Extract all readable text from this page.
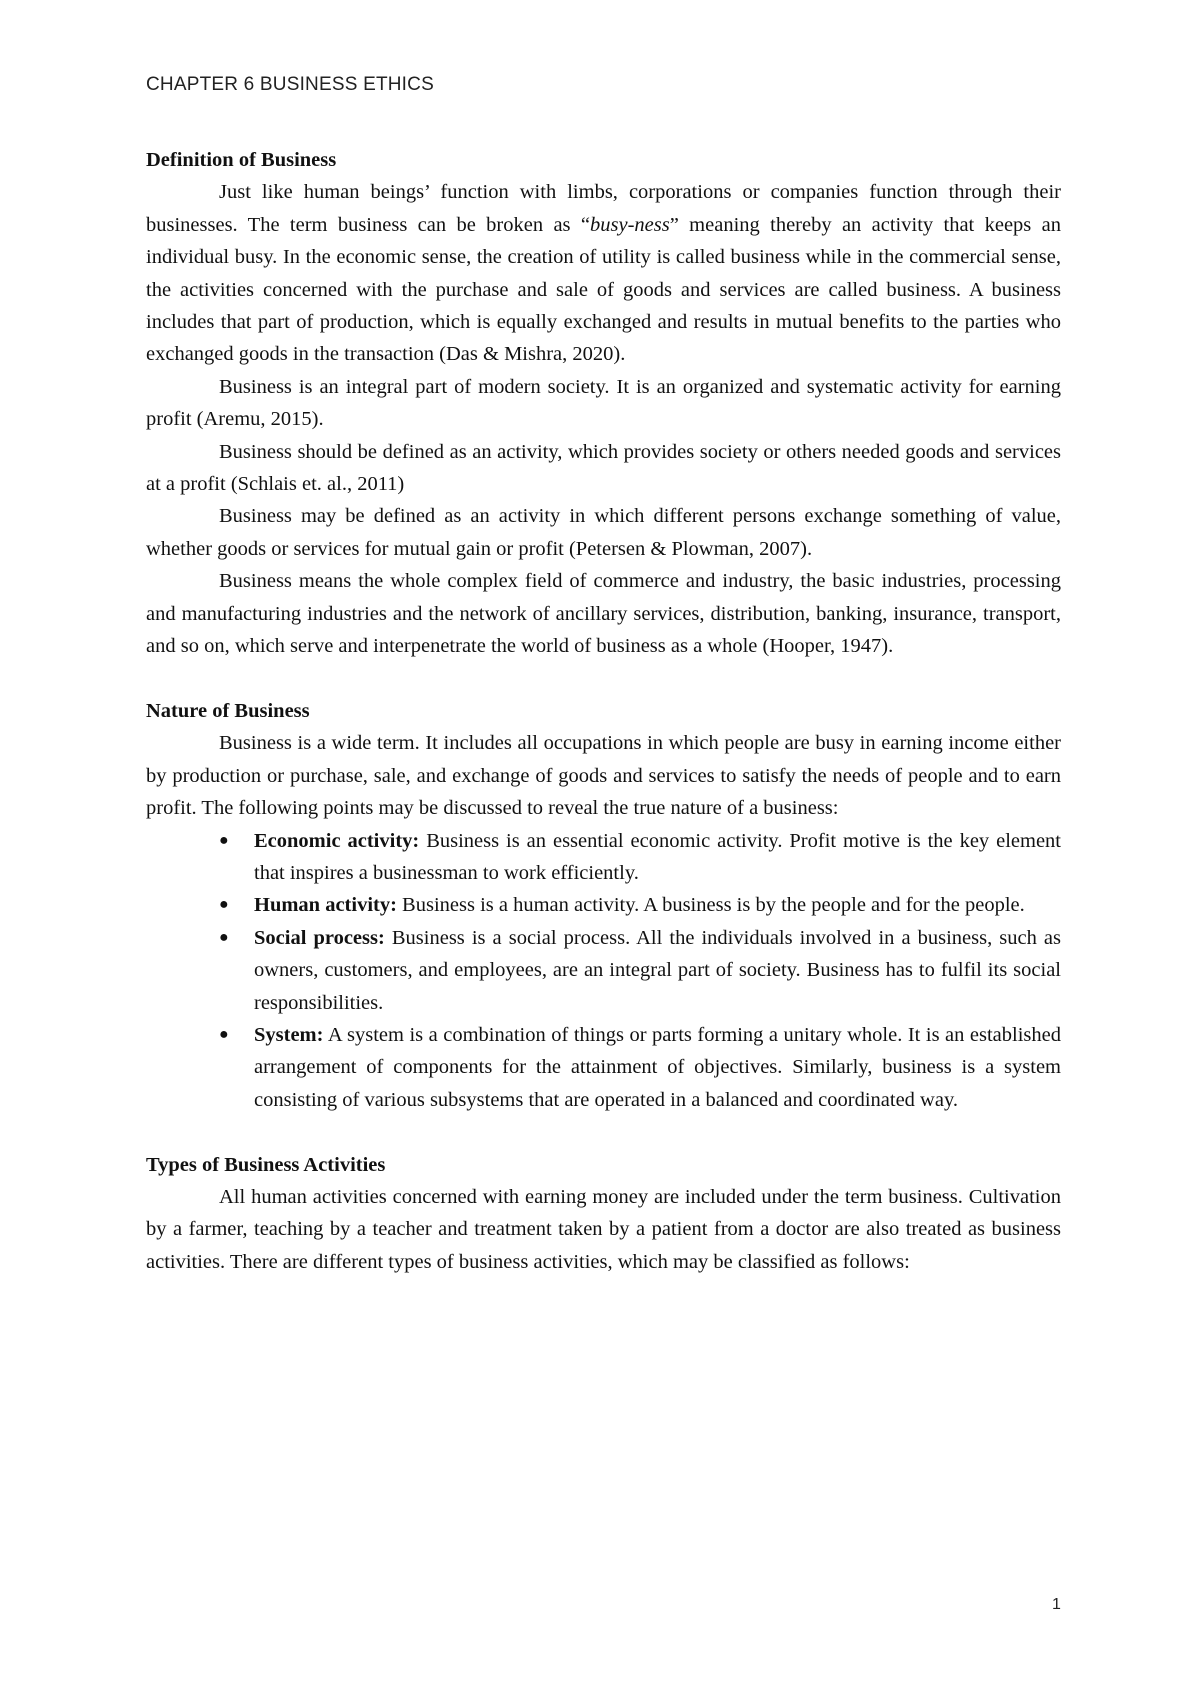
CHAPTER 6 BUSINESS ETHICS
Definition of Business

Just like human beings’ function with limbs, corporations or companies function through their businesses. The term business can be broken as “busy-ness” meaning thereby an activity that keeps an individual busy. In the economic sense, the creation of utility is called business while in the commercial sense, the activities concerned with the purchase and sale of goods and services are called business. A business includes that part of production, which is equally exchanged and results in mutual benefits to the parties who exchanged goods in the transaction (Das & Mishra, 2020).

Business is an integral part of modern society. It is an organized and systematic activity for earning profit (Aremu, 2015).

Business should be defined as an activity, which provides society or others needed goods and services at a profit (Schlais et. al., 2011)

Business may be defined as an activity in which different persons exchange something of value, whether goods or services for mutual gain or profit (Petersen & Plowman, 2007).

Business means the whole complex field of commerce and industry, the basic industries, processing and manufacturing industries and the network of ancillary services, distribution, banking, insurance, transport, and so on, which serve and interpenetrate the world of business as a whole (Hooper, 1947).

Nature of Business

Business is a wide term. It includes all occupations in which people are busy in earning income either by production or purchase, sale, and exchange of goods and services to satisfy the needs of people and to earn profit. The following points may be discussed to reveal the true nature of a business:

● Economic activity: Business is an essential economic activity. Profit motive is the key element that inspires a businessman to work efficiently.
● Human activity: Business is a human activity. A business is by the people and for the people.
● Social process: Business is a social process. All the individuals involved in a business, such as owners, customers, and employees, are an integral part of society. Business has to fulfil its social responsibilities.
● System: A system is a combination of things or parts forming a unitary whole. It is an established arrangement of components for the attainment of objectives. Similarly, business is a system consisting of various subsystems that are operated in a balanced and coordinated way.
Types of Business Activities

All human activities concerned with earning money are included under the term business. Cultivation by a farmer, teaching by a teacher and treatment taken by a patient from a doctor are also treated as business activities. There are different types of business activities, which may be classified as follows:

1
